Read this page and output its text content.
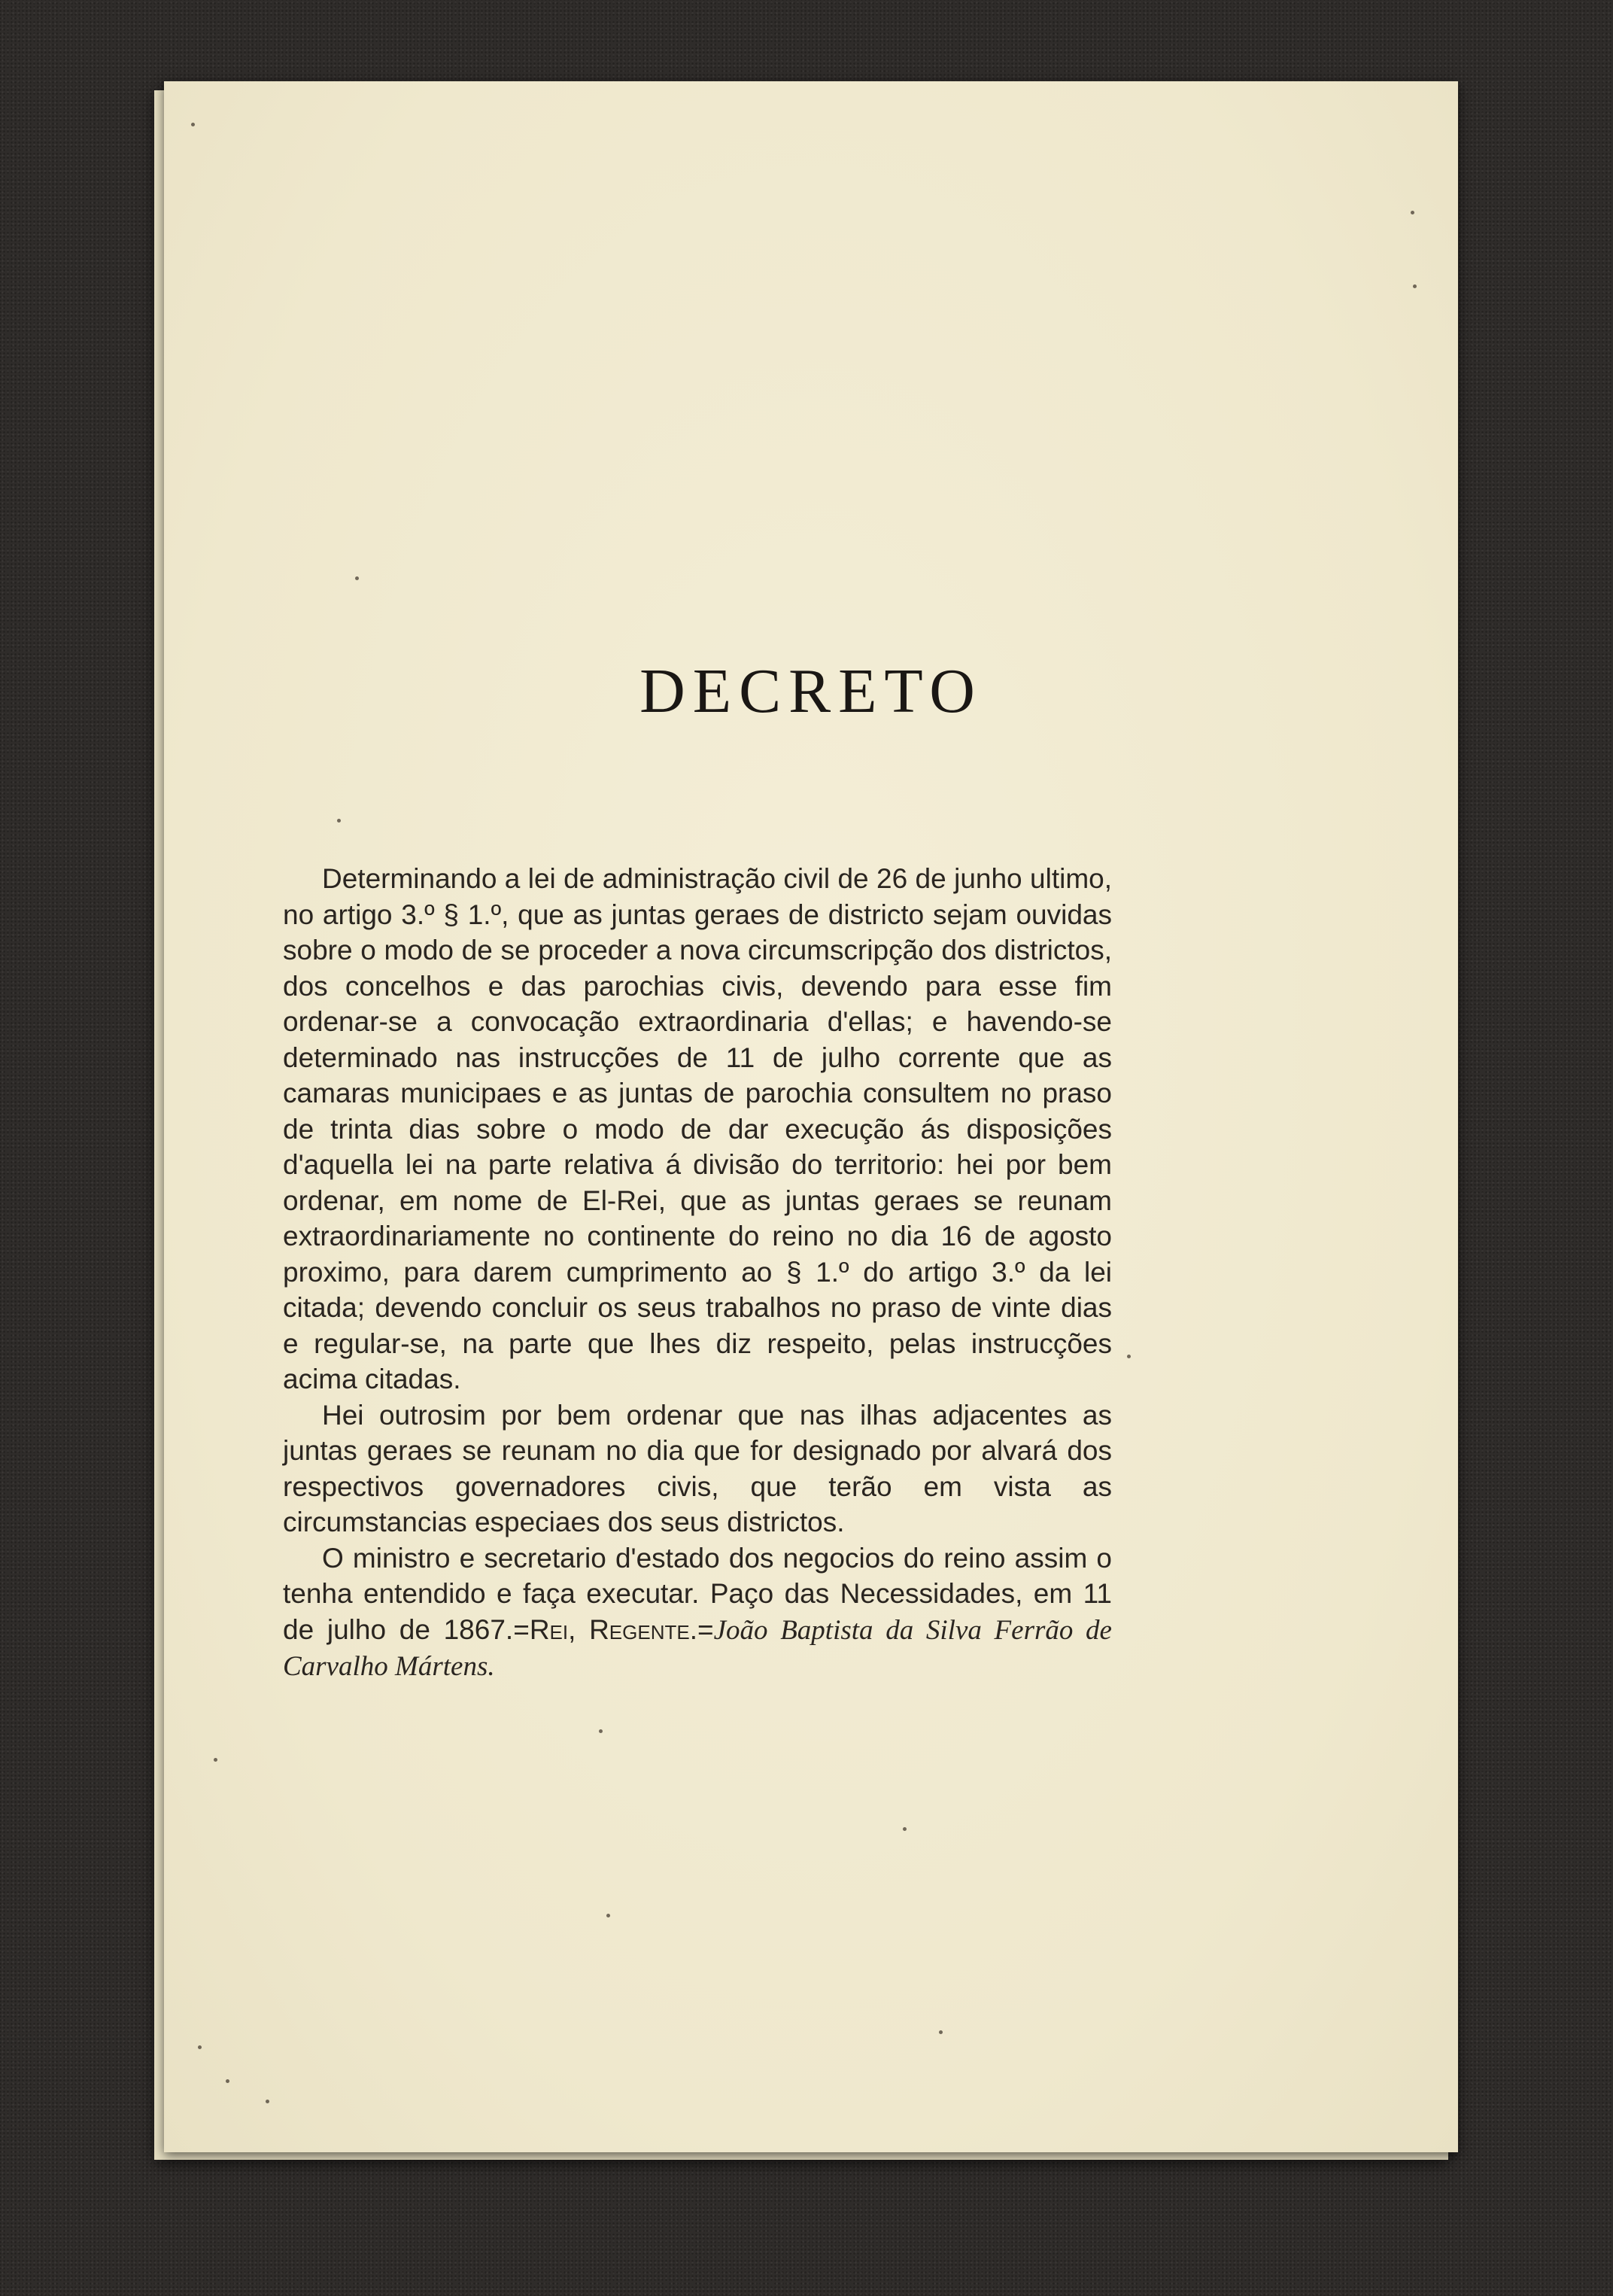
DECRETO

Determinando a lei de administração civil de 26 de junho ultimo, no artigo 3.º § 1.º, que as juntas geraes de districto sejam ouvidas sobre o modo de se proceder a nova circumscripção dos districtos, dos concelhos e das parochias civis, devendo para esse fim ordenar-se a convocação extraordinaria d'ellas; e havendo-se determinado nas instrucções de 11 de julho corrente que as camaras municipaes e as juntas de parochia consultem no praso de trinta dias sobre o modo de dar execução ás disposições d'aquella lei na parte relativa á divisão do territorio: hei por bem ordenar, em nome de El-Rei, que as juntas geraes se reunam extraordinariamente no continente do reino no dia 16 de agosto proximo, para darem cumprimento ao § 1.º do artigo 3.º da lei citada; devendo concluir os seus trabalhos no praso de vinte dias e regular-se, na parte que lhes diz respeito, pelas instrucções acima citadas.

Hei outrosim por bem ordenar que nas ilhas adjacentes as juntas geraes se reunam no dia que for designado por alvará dos respectivos governadores civis, que terão em vista as circumstancias especiaes dos seus districtos.

O ministro e secretario d'estado dos negocios do reino assim o tenha entendido e faça executar. Paço das Necessidades, em 11 de julho de 1867.=Rei, Regente.=João Baptista da Silva Ferrão de Carvalho Mártens.
